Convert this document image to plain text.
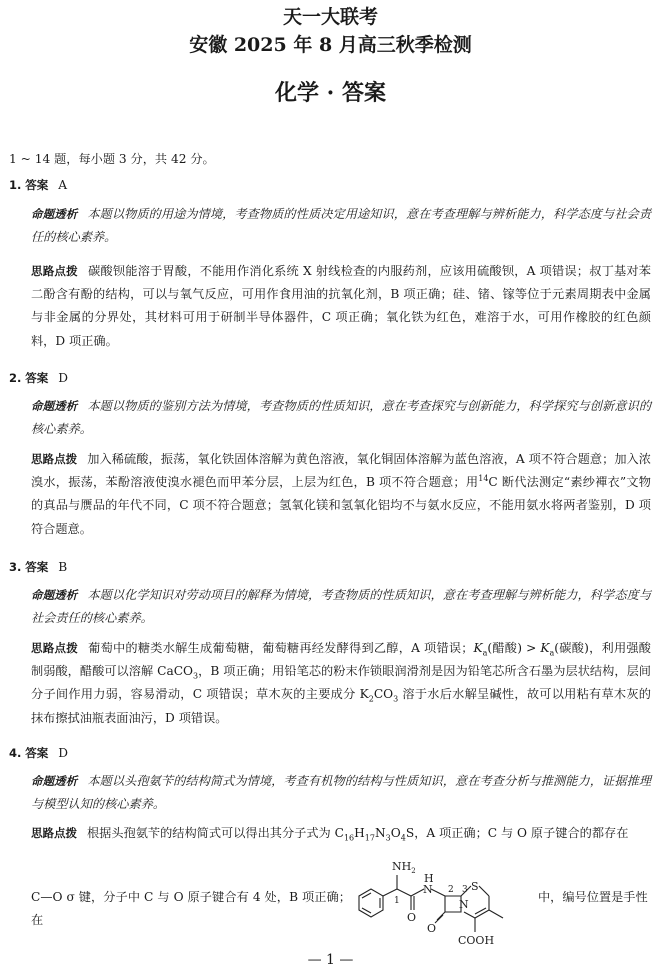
天一大联考
安徽 2025 年 8 月高三秋季检测
化学 · 答案
1 ~ 14 题，每小题 3 分，共 42 分。
1. 答案 A
命题透析 本题以物质的用途为情境，考查物质的性质决定用途知识，意在考查理解与辨析能力，科学态度与社会责任的核心素养。
思路点拨 碳酸钡能溶于胃酸，不能用作消化系统 X 射线检查的内服药剂，应该用硫酸钡，A 项错误；叔丁基对苯二酚含有酚的结构，可以与氧气反应，可用作食用油的抗氧化剂，B 项正确；硅、锗、镓等位于元素周期表中金属与非金属的分界处，其材料可用于研制半导体器件，C 项正确；氧化铁为红色，难溶于水，可用作橡胶的红色颜料，D 项正确。
2. 答案 D
命题透析 本题以物质的鉴别方法为情境，考查物质的性质知识，意在考查探究与创新能力，科学探究与创新意识的核心素养。
思路点拨 加入稀硫酸，振荡，氧化铁固体溶解为黄色溶液，氧化铜固体溶解为蓝色溶液，A 项不符合题意；加入浓溴水，振荡，苯酚溶液使溴水褪色而甲苯分层，上层为红色，B 项不符合题意；用$^{14}$C 断代法测定“素纱襌衣”文物的真品与赝品的年代不同，C 项不符合题意；氢氧化镁和氢氧化铝均不与氨水反应，不能用氨水将两者鉴别，D 项符合题意。
3. 答案 B
命题透析 本题以化学知识对劳动项目的解释为情境，考查物质的性质知识，意在考查理解与辨析能力，科学态度与社会责任的核心素养。
思路点拨 葡萄中的糖类水解生成葡萄糖，葡萄糖再经发酵得到乙醇，A 项错误；$K_a$(醋酸) > $K_a$(碳酸)，利用强酸制弱酸，醋酸可以溶解 CaCO$_3$，B 项正确；用铅笔芯的粉末作锁眼润滑剂是因为铅笔芯所含石墨为层状结构，层间分子间作用力弱，容易滑动，C 项错误；草木灰的主要成分 $K_2CO_3$ 溶于水后水解呈碱性，故可以用粘有草木灰的抹布擦拭油瓶表面油污，D 项错误。
4. 答案 D
命题透析 本题以头孢氨苄的结构简式为情境，考查有机物的结构与性质知识，意在考查分析与推测能力，证据推理与模型认知的核心素养。
思路点拨 根据头孢氨苄的结构简式可以得出其分子式为 $C_{16}H_{17}N_3O_4S$，A 项正确；C 与 O 原子键合的都存在
C—O σ 键，分子中 C 与 O 原子键合有 4 处，B 项正确；在
中，编号位置是手性
$NH_2$
H
N
N
S
O
O
COOH
1
2 3
— 1 —
